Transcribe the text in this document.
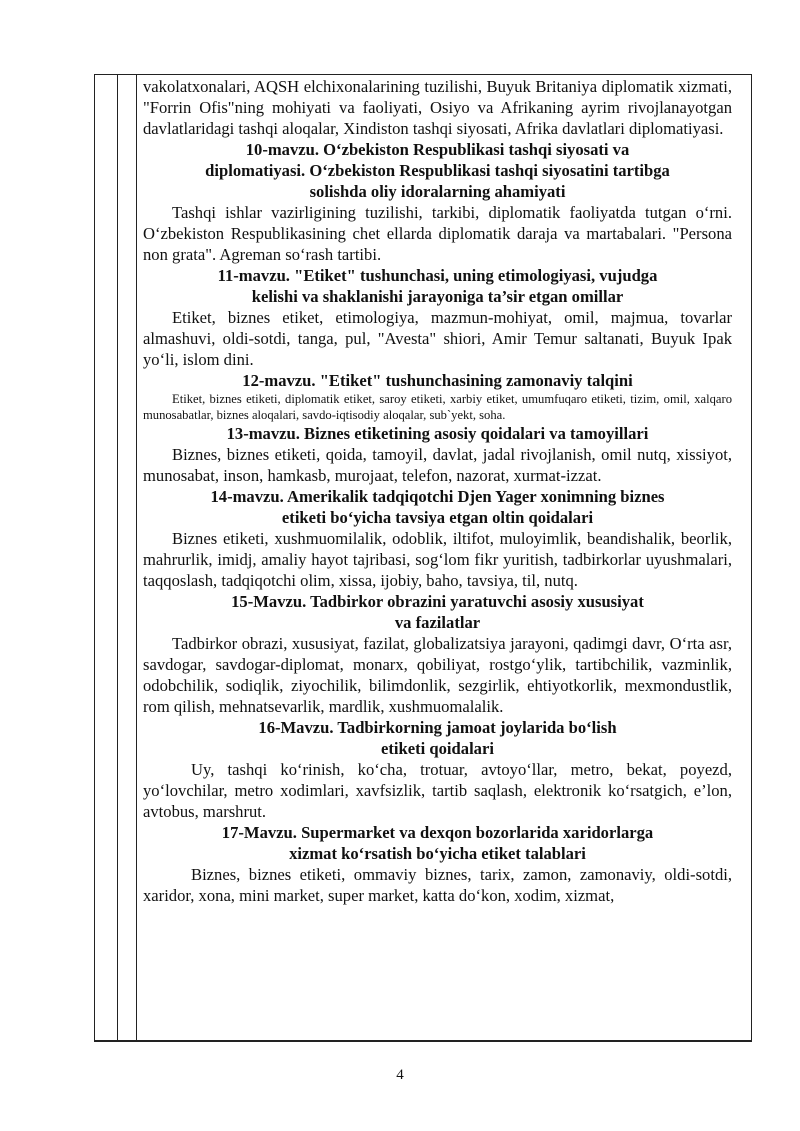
vakolatxonalari, AQSH elchixonalarining tuzilishi, Buyuk Britaniya diplomatik xizmati, "Forrin Ofis"ning mohiyati va faoliyati, Osiyo va Afrikaning ayrim rivojlanayotgan davlatlaridagi tashqi aloqalar, Xindiston tashqi siyosati, Afrika davlatlari diplomatiyasi.

10-mavzu. O‘zbekiston Respublikasi tashqi siyosati va
diplomatiyasi. O‘zbekiston Respublikasi tashqi siyosatini tartibga
solishda oliy idoralarning ahamiyati

Tashqi ishlar vazirligining tuzilishi, tarkibi, diplomatik faoliyatda tutgan o‘rni. O‘zbekiston Respublikasining chet ellarda diplomatik daraja va martabalari. "Persona non grata". Agreman so‘rash tartibi.

11-mavzu. "Etiket" tushunchasi, uning etimologiyasi, vujudga
kelishi va shaklanishi jarayoniga ta’sir etgan omillar

Etiket, biznes etiket, etimologiya, mazmun-mohiyat, omil, majmua, tovarlar almashuvi, oldi-sotdi, tanga, pul, "Avesta" shiori, Amir Temur saltanati, Buyuk Ipak yo‘li, islom dini.

12-mavzu. "Etiket" tushunchasining zamonaviy talqini

Etiket, biznes etiketi, diplomatik etiket, saroy etiketi, xarbiy etiket, umumfuqaro etiketi, tizim, omil, xalqaro munosabatlar, biznes aloqalari, savdo-iqtisodiy aloqalar, sub`yekt, soha.

13-mavzu. Biznes etiketining asosiy qoidalari va tamoyillari

Biznes, biznes etiketi, qoida, tamoyil, davlat, jadal rivojlanish, omil nutq, xissiyot, munosabat, inson, hamkasb, murojaat, telefon, nazorat, xurmat-izzat.

14-mavzu. Amerikalik tadqiqotchi Djen Yager xonimning biznes
etiketi bo‘yicha tavsiya etgan oltin qoidalari

Biznes etiketi, xushmuomilalik, odoblik, iltifot, muloyimlik, beandishalik, beorlik, mahrurlik, imidj, amaliy hayot tajribasi, sog‘lom fikr yuritish, tadbirkorlar uyushmalari, taqqoslash, tadqiqotchi olim, xissa, ijobiy, baho, tavsiya, til, nutq.

15-Mavzu. Tadbirkor obrazini yaratuvchi asosiy xususiyat
va fazilatlar

Tadbirkor obrazi, xususiyat, fazilat, globalizatsiya jarayoni, qadimgi davr, O‘rta asr, savdogar, savdogar-diplomat, monarx, qobiliyat, rostgo‘ylik, tartibchilik, vazminlik, odobchilik, sodiqlik, ziyochilik, bilimdonlik, sezgirlik, ehtiyotkorlik, mexmondustlik, rom qilish, mehnatsevarlik, mardlik, xushmuomalalik.

16-Mavzu. Tadbirkorning jamoat joylarida bo‘lish
etiketi qoidalari

Uy, tashqi ko‘rinish, ko‘cha, trotuar, avtoyo‘llar, metro, bekat, poyezd, yo‘lovchilar, metro xodimlari, xavfsizlik, tartib saqlash, elektronik ko‘rsatgich, e’lon, avtobus, marshrut.

17-Mavzu. Supermarket va dexqon bozorlarida xaridorlarga
xizmat ko‘rsatish bo‘yicha etiket talablari

Biznes, biznes etiketi, ommaviy biznes, tarix, zamon, zamonaviy, oldi-sotdi, xaridor, xona, mini market, super market, katta do‘kon, xodim, xizmat,

4
